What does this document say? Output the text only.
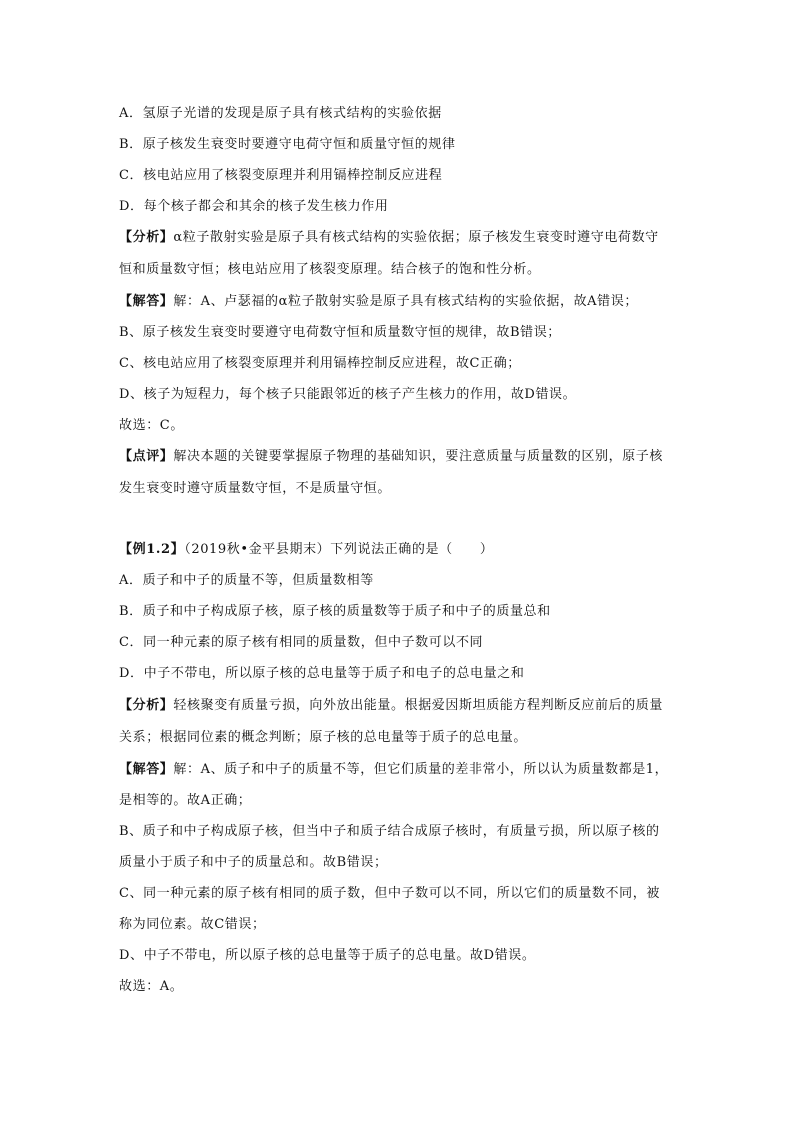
A．氢原子光谱的发现是原子具有核式结构的实验依据
B．原子核发生衰变时要遵守电荷守恒和质量守恒的规律
C．核电站应用了核裂变原理并利用镉棒控制反应进程
D．每个核子都会和其余的核子发生核力作用
【分析】α粒子散射实验是原子具有核式结构的实验依据；原子核发生衰变时遵守电荷数守
恒和质量数守恒；核电站应用了核裂变原理。结合核子的饱和性分析。
【解答】解：A、卢瑟福的α粒子散射实验是原子具有核式结构的实验依据，故A错误；
B、原子核发生衰变时要遵守电荷数守恒和质量数守恒的规律，故B错误；
C、核电站应用了核裂变原理并利用镉棒控制反应进程，故C正确；
D、核子为短程力，每个核子只能跟邻近的核子产生核力的作用，故D错误。
故选：C。
【点评】解决本题的关键要掌握原子物理的基础知识，要注意质量与质量数的区别，原子核
发生衰变时遵守质量数守恒，不是质量守恒。
【例1.2】（2019秋•金平县期末）下列说法正确的是（　　）
A．质子和中子的质量不等，但质量数相等
B．质子和中子构成原子核，原子核的质量数等于质子和中子的质量总和
C．同一种元素的原子核有相同的质量数，但中子数可以不同
D．中子不带电，所以原子核的总电量等于质子和电子的总电量之和
【分析】轻核聚变有质量亏损，向外放出能量。根据爱因斯坦质能方程判断反应前后的质量
关系；根据同位素的概念判断；原子核的总电量等于质子的总电量。
【解答】解：A、质子和中子的质量不等，但它们质量的差非常小，所以认为质量数都是1，
是相等的。故A正确；
B、质子和中子构成原子核，但当中子和质子结合成原子核时，有质量亏损，所以原子核的
质量小于质子和中子的质量总和。故B错误；
C、同一种元素的原子核有相同的质子数，但中子数可以不同，所以它们的质量数不同，被
称为同位素。故C错误；
D、中子不带电，所以原子核的总电量等于质子的总电量。故D错误。
故选：A。
